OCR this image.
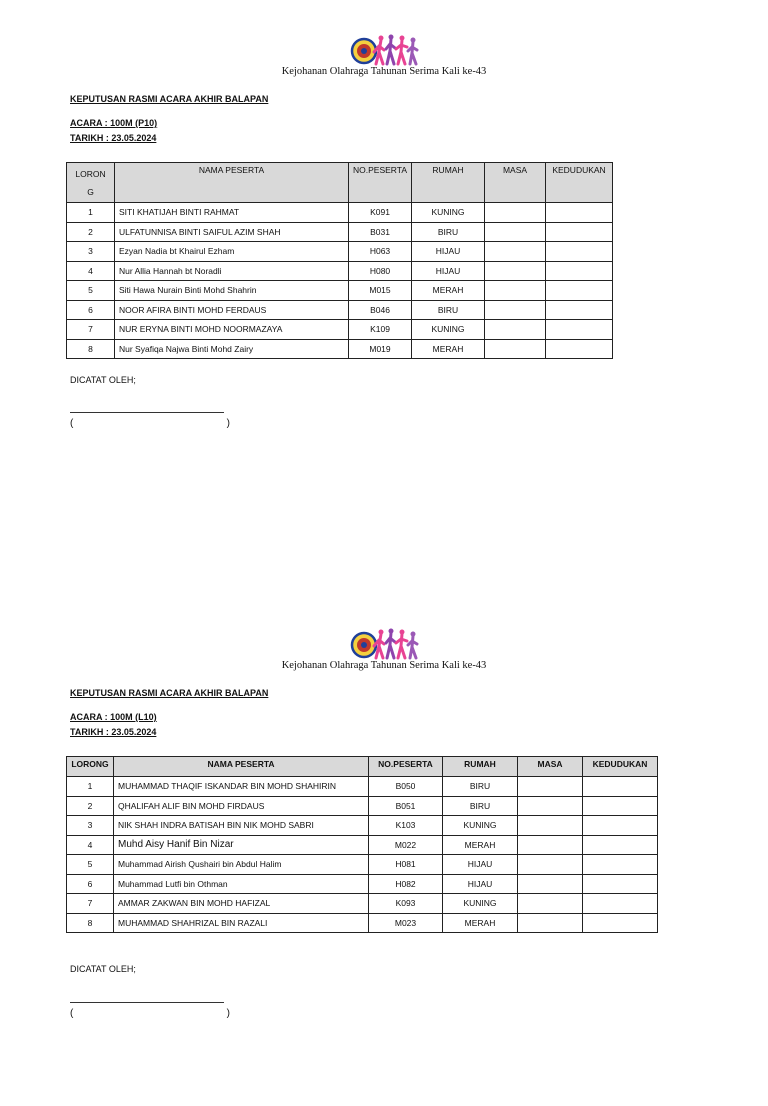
Kejohanan Olahraga Tahunan Serima Kali ke-43
KEPUTUSAN RASMI ACARA AKHIR BALAPAN
ACARA : 100M (P10)
TARIKH : 23.05.2024
LORON
G	NAMA PESERTA	NO.PESERTA	RUMAH	MASA	KEDUDUKAN
1	SITI KHATIJAH BINTI RAHMAT	K091	KUNING		
2	ULFATUNNISA BINTI SAIFUL AZIM SHAH	B031	BIRU		
3	Ezyan Nadia bt Khairul Ezham	H063	HIJAU		
4	Nur Allia Hannah bt Noradli	H080	HIJAU		
5	Siti Hawa Nurain Binti Mohd Shahrin	M015	MERAH		
6	NOOR AFIRA BINTI MOHD FERDAUS	B046	BIRU		
7	NUR ERYNA BINTI MOHD NOORMAZAYA	K109	KUNING		
8	Nur Syafiqa Najwa Binti Mohd Zairy	M019	MERAH		
DICATAT OLEH;
(	)
Kejohanan Olahraga Tahunan Serima Kali ke-43
KEPUTUSAN RASMI ACARA AKHIR BALAPAN
ACARA : 100M (L10)
TARIKH : 23.05.2024
LORONG	NAMA PESERTA	NO.PESERTA	RUMAH	MASA	KEDUDUKAN
1	MUHAMMAD THAQIF ISKANDAR BIN MOHD SHAHIRIN	B050	BIRU		
2	QHALIFAH ALIF BIN MOHD FIRDAUS	B051	BIRU		
3	NIK SHAH INDRA BATISAH BIN NIK MOHD SABRI	K103	KUNING		
4	Muhd Aisy Hanif Bin Nizar	M022	MERAH		
5	Muhammad Airish Qushairi bin Abdul Halim	H081	HIJAU		
6	Muhammad Lutfi bin Othman	H082	HIJAU		
7	AMMAR ZAKWAN BIN MOHD HAFIZAL	K093	KUNING		
8	MUHAMMAD SHAHRIZAL BIN RAZALI	M023	MERAH		
DICATAT OLEH;
(	)
